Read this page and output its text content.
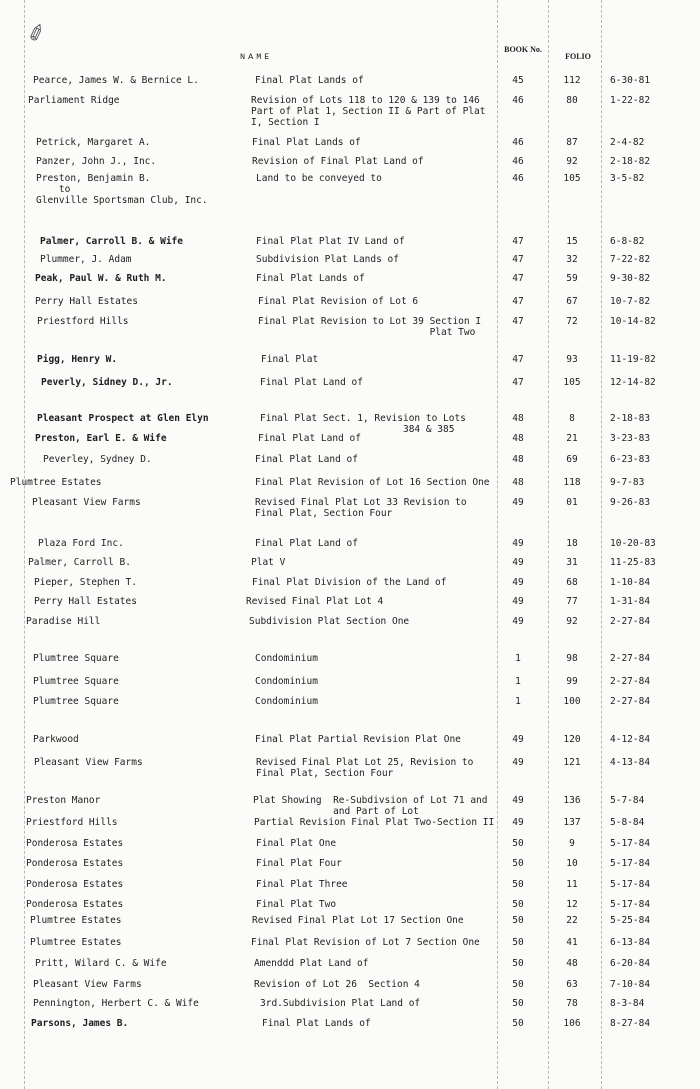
✐
NAME
BOOK No.
FOLIO
Pearce, James W. & Bernice L.	Final Plat Lands of	45	112	6-30-81
Parliament Ridge	Revision of Lots 118 to 120 & 139 to 146
Part of Plat 1, Section II & Part of Plat
I, Section I
46	80	1-22-82
Petrick, Margaret A.	Final Plat Lands of	46	87	2-4-82
Panzer, John J., Inc.	Revision of Final Plat Land of	46	92	2-18-82
Preston, Benjamin B.
to
Glenville Sportsman Club, Inc.
Land to be conveyed to	46	105	3-5-82
Palmer, Carroll B. & Wife	Final Plat Plat IV Land of	47	15	6-8-82
Plummer, J. Adam	Subdivision Plat Lands of	47	32	7-22-82
Peak, Paul W. & Ruth M.	Final Plat Lands of	47	59	9-30-82
Perry Hall Estates	Final Plat Revision of Lot 6	47	67	10-7-82
Priestford Hills	Final Plat Revision to Lot 39 Section I
Plat Two
47	72	10-14-82
Pigg, Henry W.	Final Plat	47	93	11-19-82
Peverly, Sidney D., Jr.	Final Plat Land of	47	105	12-14-82
Pleasant Prospect at Glen Elyn	Final Plat Sect. 1, Revision to Lots
384 & 385
48	8	2-18-83
Preston, Earl E. & Wife	Final Plat Land of	48	21	3-23-83
Peverley, Sydney D.	Final Plat Land of	48	69	6-23-83
Plumtree Estates	Final Plat Revision of Lot 16 Section One	48	118	9-7-83
Pleasant View Farms	Revised Final Plat Lot 33 Revision to
Final Plat, Section Four
49	01	9-26-83
Plaza Ford Inc.	Final Plat Land of	49	18	10-20-83
Palmer, Carroll B.	Plat V	49	31	11-25-83
Pieper, Stephen T.	Final Plat Division of the Land of	49	68	1-10-84
Perry Hall Estates	Revised Final Plat Lot 4	49	77	1-31-84
Paradise Hill	Subdivision Plat Section One	49	92	2-27-84
Plumtree Square	Condominium	1	98	2-27-84
Plumtree Square	Condominium	1	99	2-27-84
Plumtree Square	Condominium	1	100	2-27-84
Parkwood	Final Plat Partial Revision Plat One	49	120	4-12-84
Pleasant View Farms	Revised Final Plat Lot 25, Revision to
Final Plat, Section Four
49	121	4-13-84
Preston Manor	Plat Showing  Re-Subdivsion of Lot 71 and
and Part of Lot
49	136	5-7-84
Priestford Hills	Partial Revision Final Plat Two-Section II	49	137	5-8-84
Ponderosa Estates	Final Plat One	50	9	5-17-84
Ponderosa Estates	Final Plat Four	50	10	5-17-84
Ponderosa Estates	Final Plat Three	50	11	5-17-84
Ponderosa Estates	Final Plat Two	50	12	5-17-84
Plumtree Estates	Revised Final Plat Lot 17 Section One	50	22	5-25-84
Plumtree Estates	Final Plat Revision of Lot 7 Section One	50	41	6-13-84
Pritt, Wilard C. & Wife	Amenddd Plat Land of	50	48	6-20-84
Pleasant View Farms	Revision of Lot 26  Section 4	50	63	7-10-84
Pennington, Herbert C. & Wife	3rd.Subdivision Plat Land of	50	78	8-3-84
Parsons, James B.	Final Plat Lands of	50	106	8-27-84
